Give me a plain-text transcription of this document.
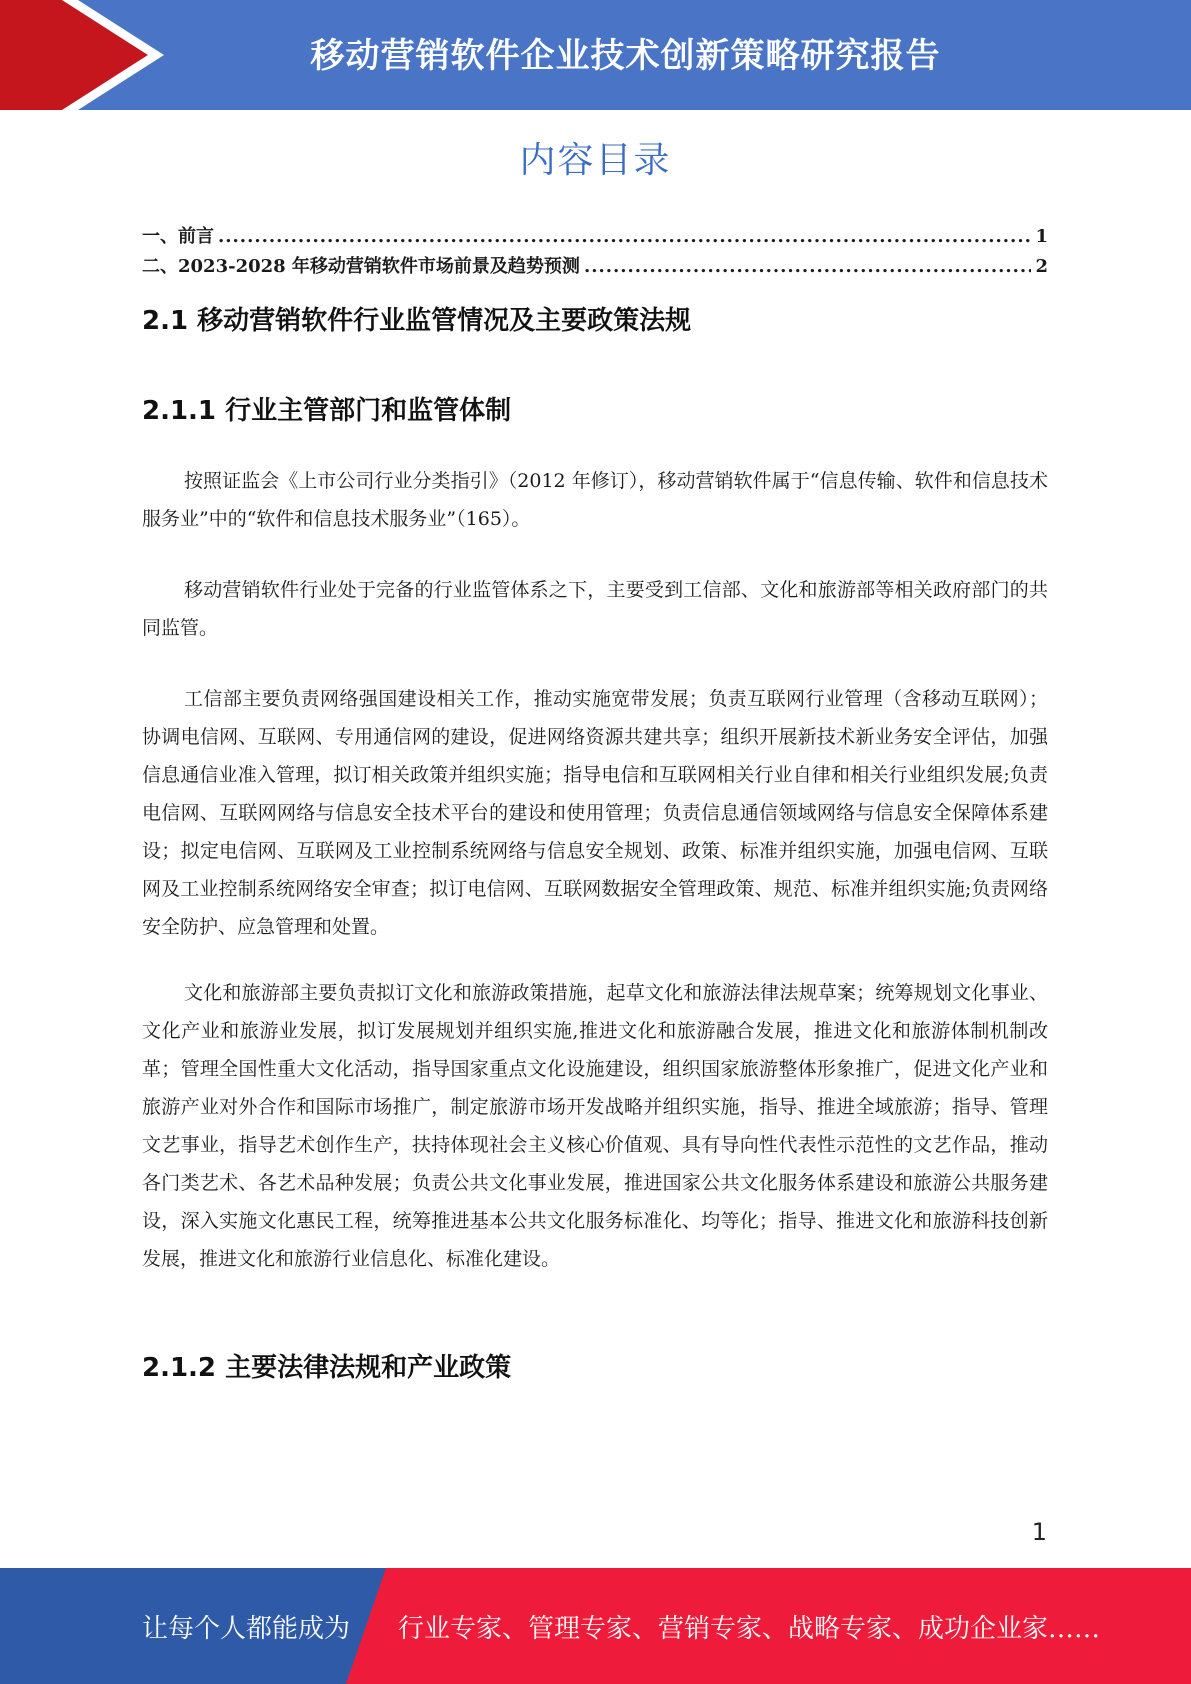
移动营销软件企业技术创新策略研究报告
内容目录
一、前言 .....	1
二、2023-2028 年移动营销软件市场前景及趋势预测 .....	2
2.1 移动营销软件行业监管情况及主要政策法规
2.1.1 行业主管部门和监管体制

按照证监会《上市公司行业分类指引》（2012 年修订），移动营销软件属于“信息传输、软件和信息技术服务业”中的“软件和信息技术服务业”（165）。

移动营销软件行业处于完备的行业监管体系之下，主要受到工信部、文化和旅游部等相关政府部门的共同监管。

工信部主要负责网络强国建设相关工作，推动实施宽带发展；负责互联网行业管理（含移动互联网）；协调电信网、互联网、专用通信网的建设，促进网络资源共建共享；组织开展新技术新业务安全评估，加强信息通信业准入管理，拟订相关政策并组织实施；指导电信和互联网相关行业自律和相关行业组织发展;负责电信网、互联网网络与信息安全技术平台的建设和使用管理；负责信息通信领域网络与信息安全保障体系建设；拟定电信网、互联网及工业控制系统网络与信息安全规划、政策、标准并组织实施，加强电信网、互联网及工业控制系统网络安全审查；拟订电信网、互联网数据安全管理政策、规范、标准并组织实施;负责网络安全防护、应急管理和处置。

文化和旅游部主要负责拟订文化和旅游政策措施，起草文化和旅游法律法规草案；统筹规划文化事业、文化产业和旅游业发展，拟订发展规划并组织实施,推进文化和旅游融合发展，推进文化和旅游体制机制改革；管理全国性重大文化活动，指导国家重点文化设施建设，组织国家旅游整体形象推广，促进文化产业和旅游产业对外合作和国际市场推广，制定旅游市场开发战略并组织实施，指导、推进全域旅游；指导、管理文艺事业，指导艺术创作生产，扶持体现社会主义核心价值观、具有导向性代表性示范性的文艺作品，推动各门类艺术、各艺术品种发展；负责公共文化事业发展，推进国家公共文化服务体系建设和旅游公共服务建设，深入实施文化惠民工程，统筹推进基本公共文化服务标准化、均等化；指导、推进文化和旅游科技创新发展，推进文化和旅游行业信息化、标准化建设。

2.1.2 主要法律法规和产业政策
1
让每个人都能成为 行业专家、管理专家、营销专家、战略专家、成功企业家……
